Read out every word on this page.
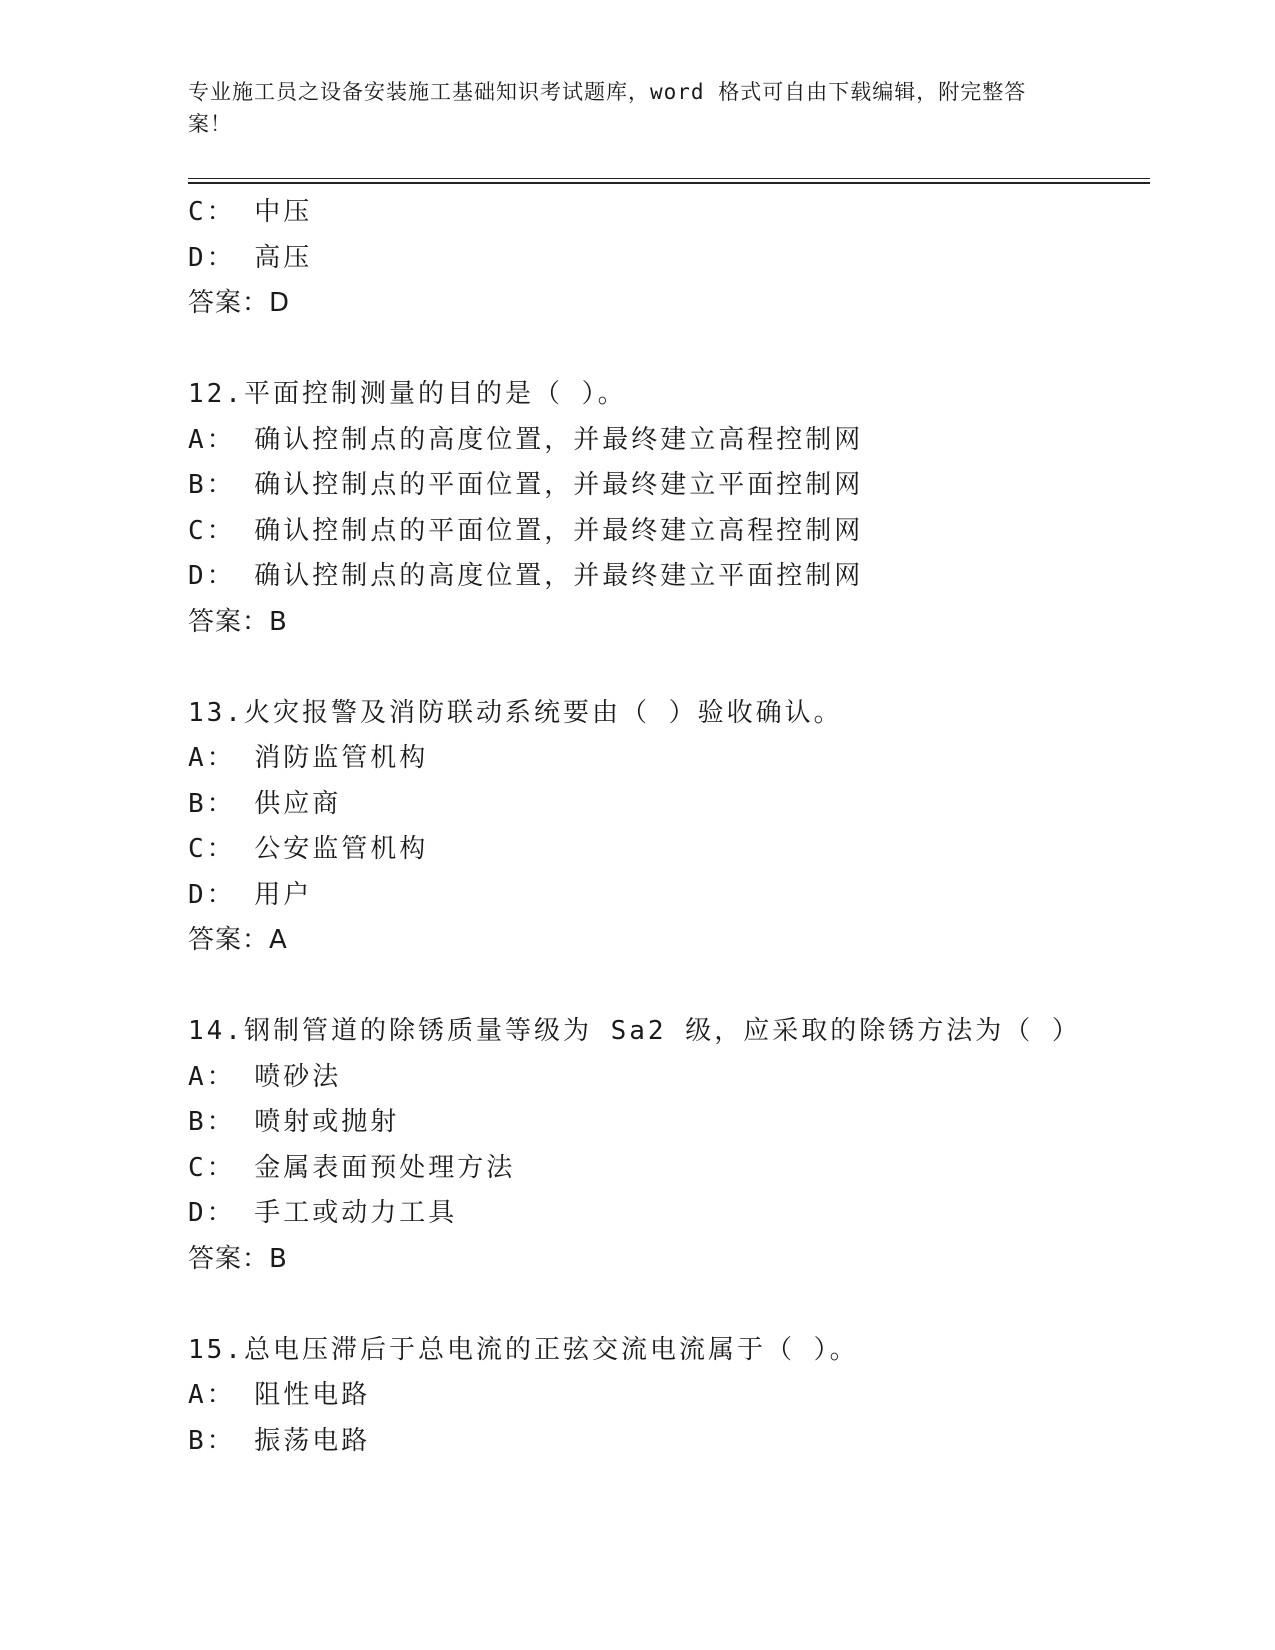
专业施工员之设备安装施工基础知识考试题库，word 格式可自由下载编辑，附完整答案！
C： 中压
D： 高压
答案：D
12.平面控制测量的目的是（ ）。
A： 确认控制点的高度位置，并最终建立高程控制网
B： 确认控制点的平面位置，并最终建立平面控制网
C： 确认控制点的平面位置，并最终建立高程控制网
D： 确认控制点的高度位置，并最终建立平面控制网
答案：B
13.火灾报警及消防联动系统要由（ ）验收确认。
A： 消防监管机构
B： 供应商
C： 公安监管机构
D： 用户
答案：A
14.钢制管道的除锈质量等级为 Sa2 级，应采取的除锈方法为（ ）
A： 喷砂法
B： 喷射或抛射
C： 金属表面预处理方法
D： 手工或动力工具
答案：B
15.总电压滞后于总电流的正弦交流电流属于（ ）。
A： 阻性电路
B： 振荡电路
